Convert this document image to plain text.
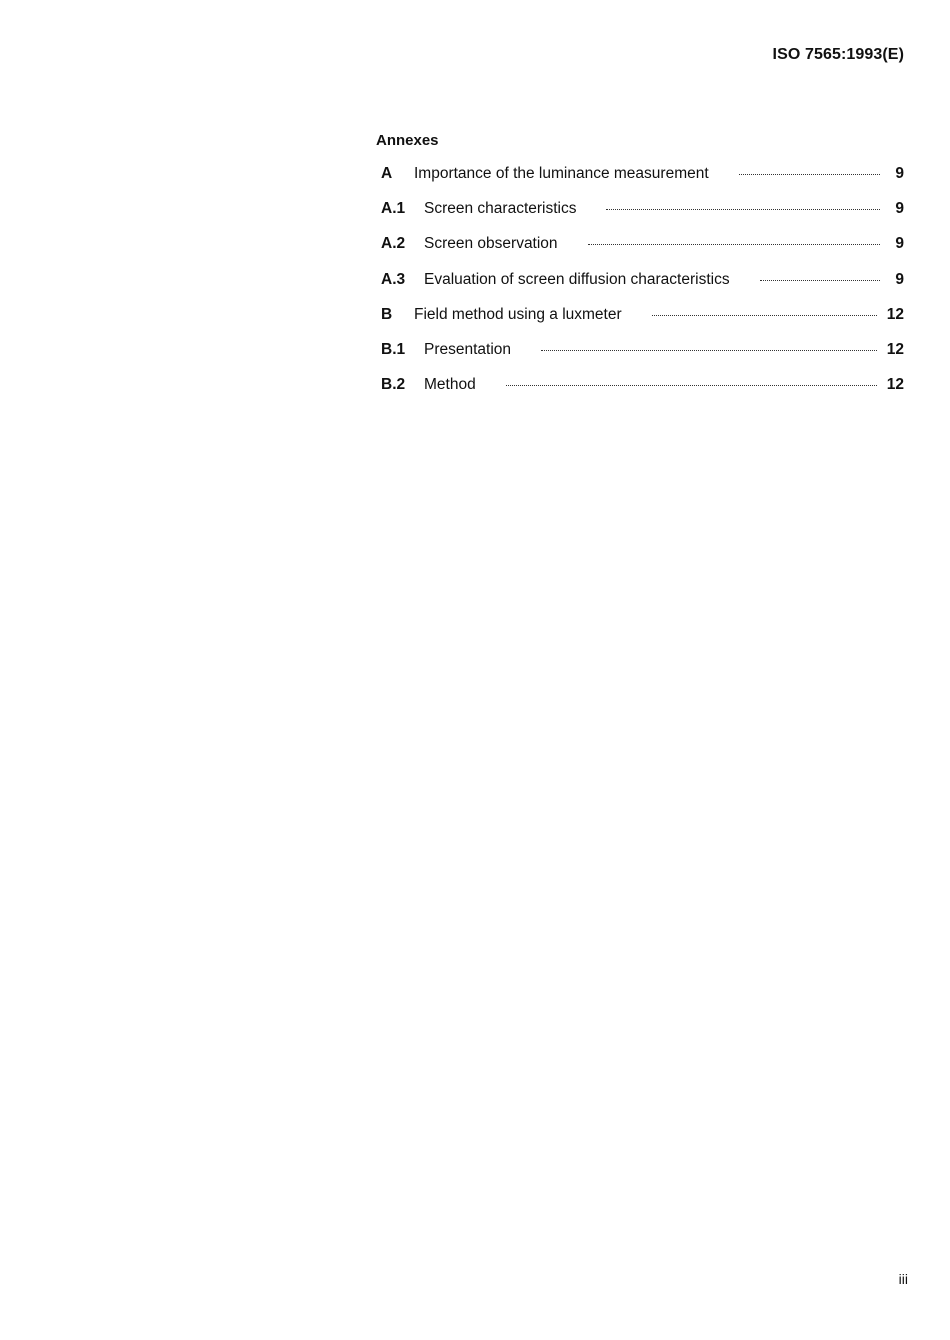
ISO 7565:1993(E)
Annexes
A	Importance of the luminance measurement	9
A.1	Screen characteristics	9
A.2	Screen observation	9
A.3	Evaluation of screen diffusion characteristics	9
B	Field method using a luxmeter	12
B.1	Presentation	12
B.2	Method	12
iii
